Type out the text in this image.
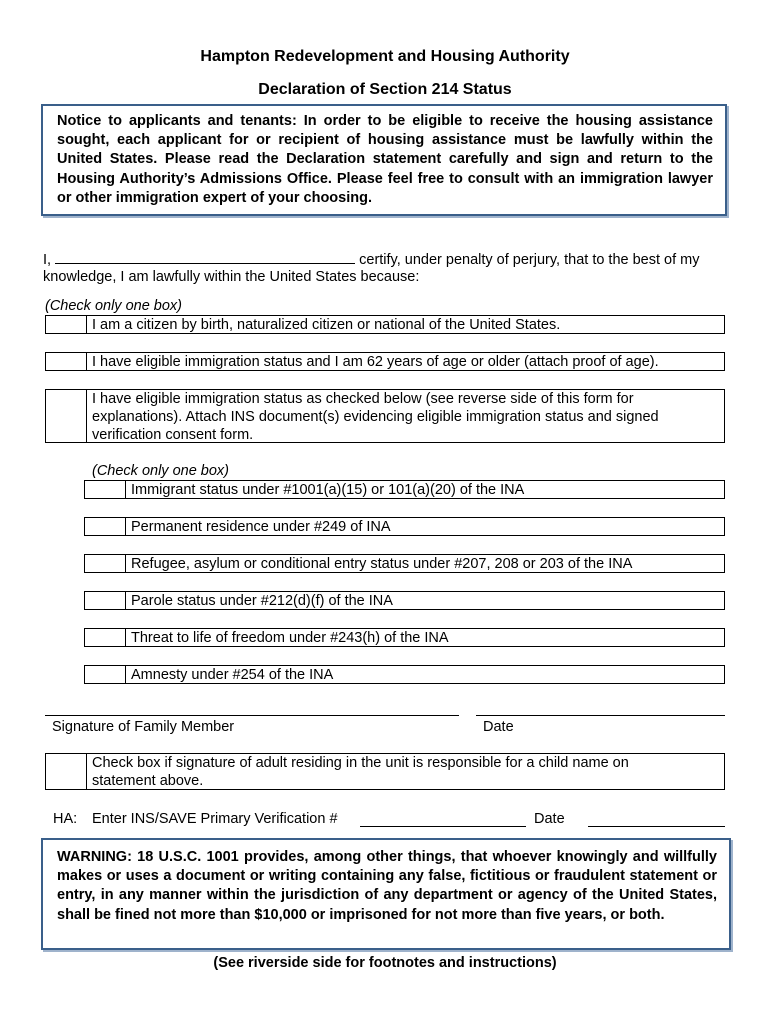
Hampton Redevelopment and Housing Authority
Declaration of Section 214 Status
Notice to applicants and tenants: In order to be eligible to receive the housing assistance sought, each applicant for or recipient of housing assistance must be lawfully within the United States. Please read the Declaration statement carefully and sign and return to the Housing Authority’s Admissions Office. Please feel free to consult with an immigration lawyer or other immigration expert of your choosing.
I,	certify, under penalty of perjury, that to the best of my
knowledge, I am lawfully within the United States because:
(Check only one box)
I am a citizen by birth, naturalized citizen or national of the United States.
I have eligible immigration status and I am 62 years of age or older (attach proof of age).
I have eligible immigration status as checked below (see reverse side of this form for explanations). Attach INS document(s) evidencing eligible immigration status and signed verification consent form.
(Check only one box)
Immigrant status under #1001(a)(15) or 101(a)(20) of the INA
Permanent residence under #249 of INA
Refugee, asylum or conditional entry status under #207, 208 or 203 of the INA
Parole status under #212(d)(f) of the INA
Threat to life of freedom under #243(h) of the INA
Amnesty under #254 of the INA
Signature of Family Member	Date
Check box if signature of adult residing in the unit is responsible for a child name on statement above.
HA: Enter INS/SAVE Primary Verification #	Date
WARNING: 18 U.S.C. 1001 provides, among other things, that whoever knowingly and willfully makes or uses a document or writing containing any false, fictitious or fraudulent statement or entry, in any manner within the jurisdiction of any department or agency of the United States, shall be fined not more than $10,000 or imprisoned for not more than five years, or both.
(See riverside side for footnotes and instructions)
